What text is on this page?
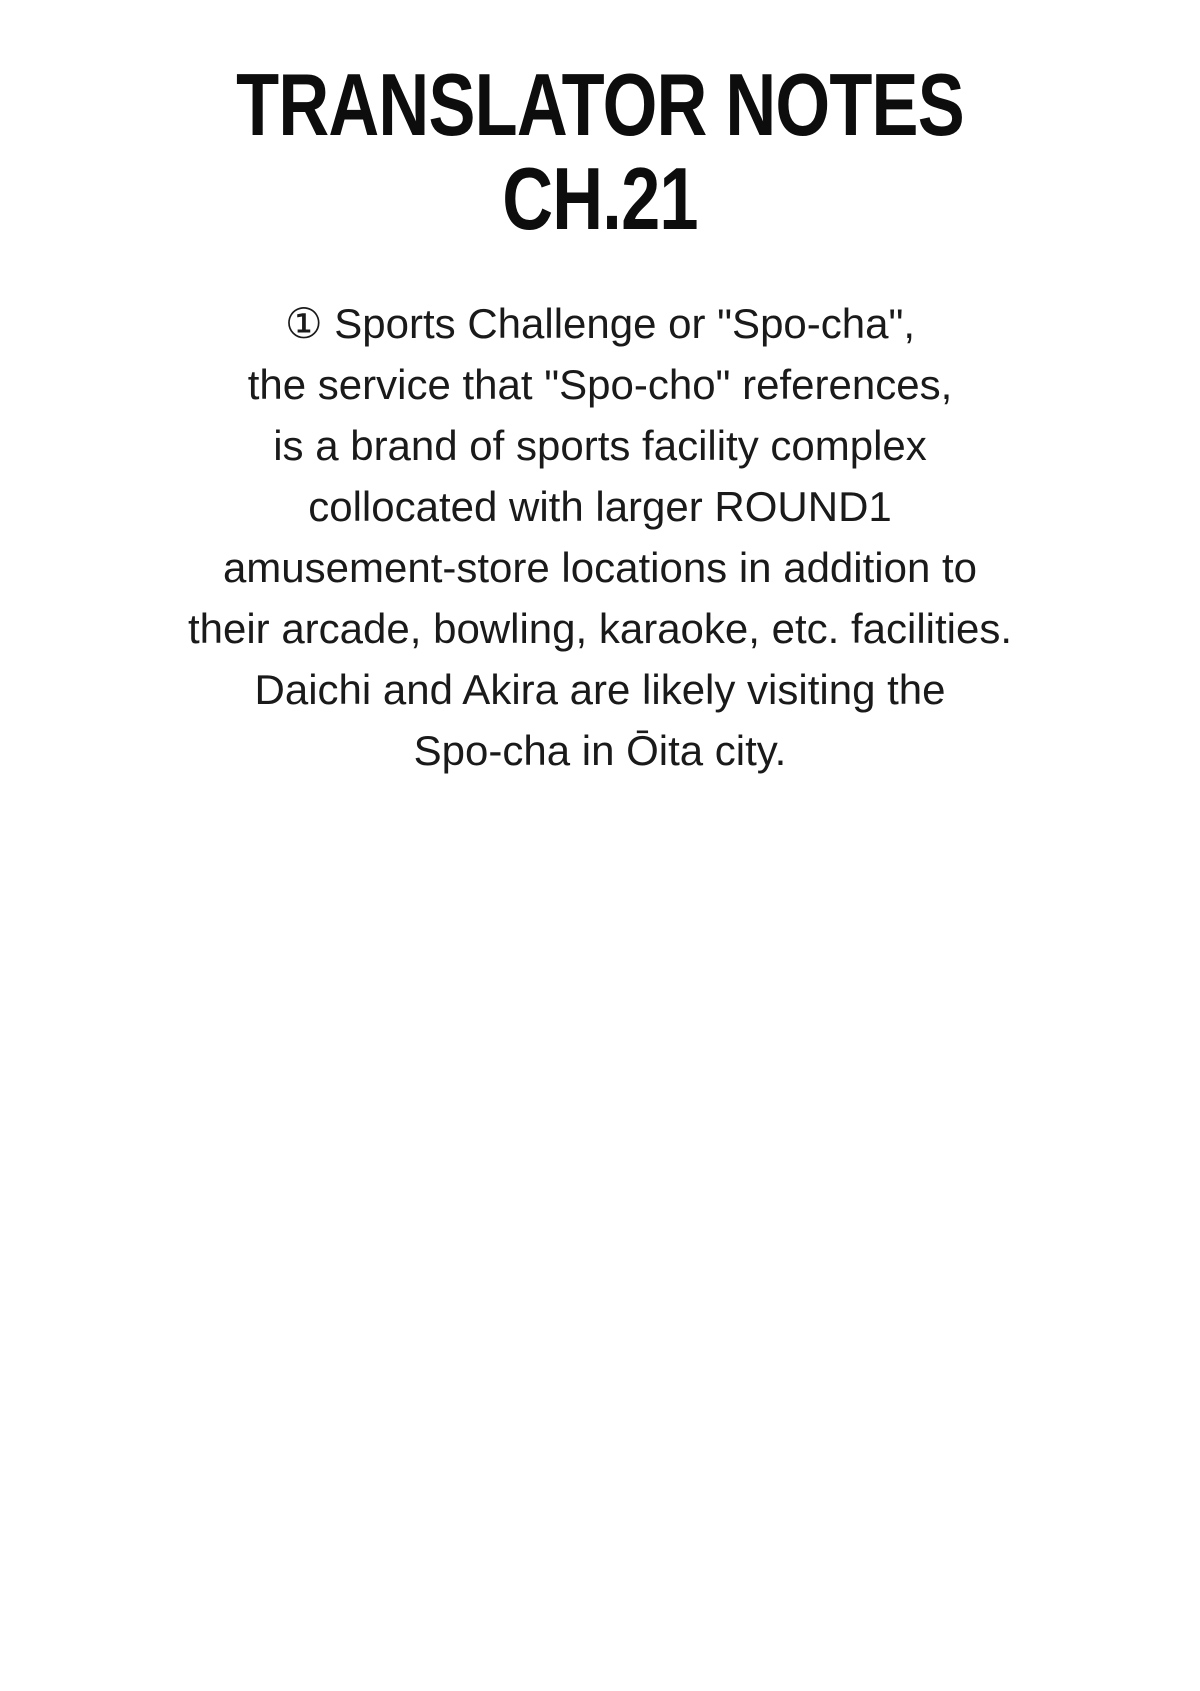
TRANSLATOR NOTES
CH.21
① Sports Challenge or "Spo-cha",
the service that "Spo-cho" references,
is a brand of sports facility complex
collocated with larger ROUND1
amusement-store locations in addition to
their arcade, bowling, karaoke, etc. facilities.
Daichi and Akira are likely visiting the
Spo-cha in Ōita city.
